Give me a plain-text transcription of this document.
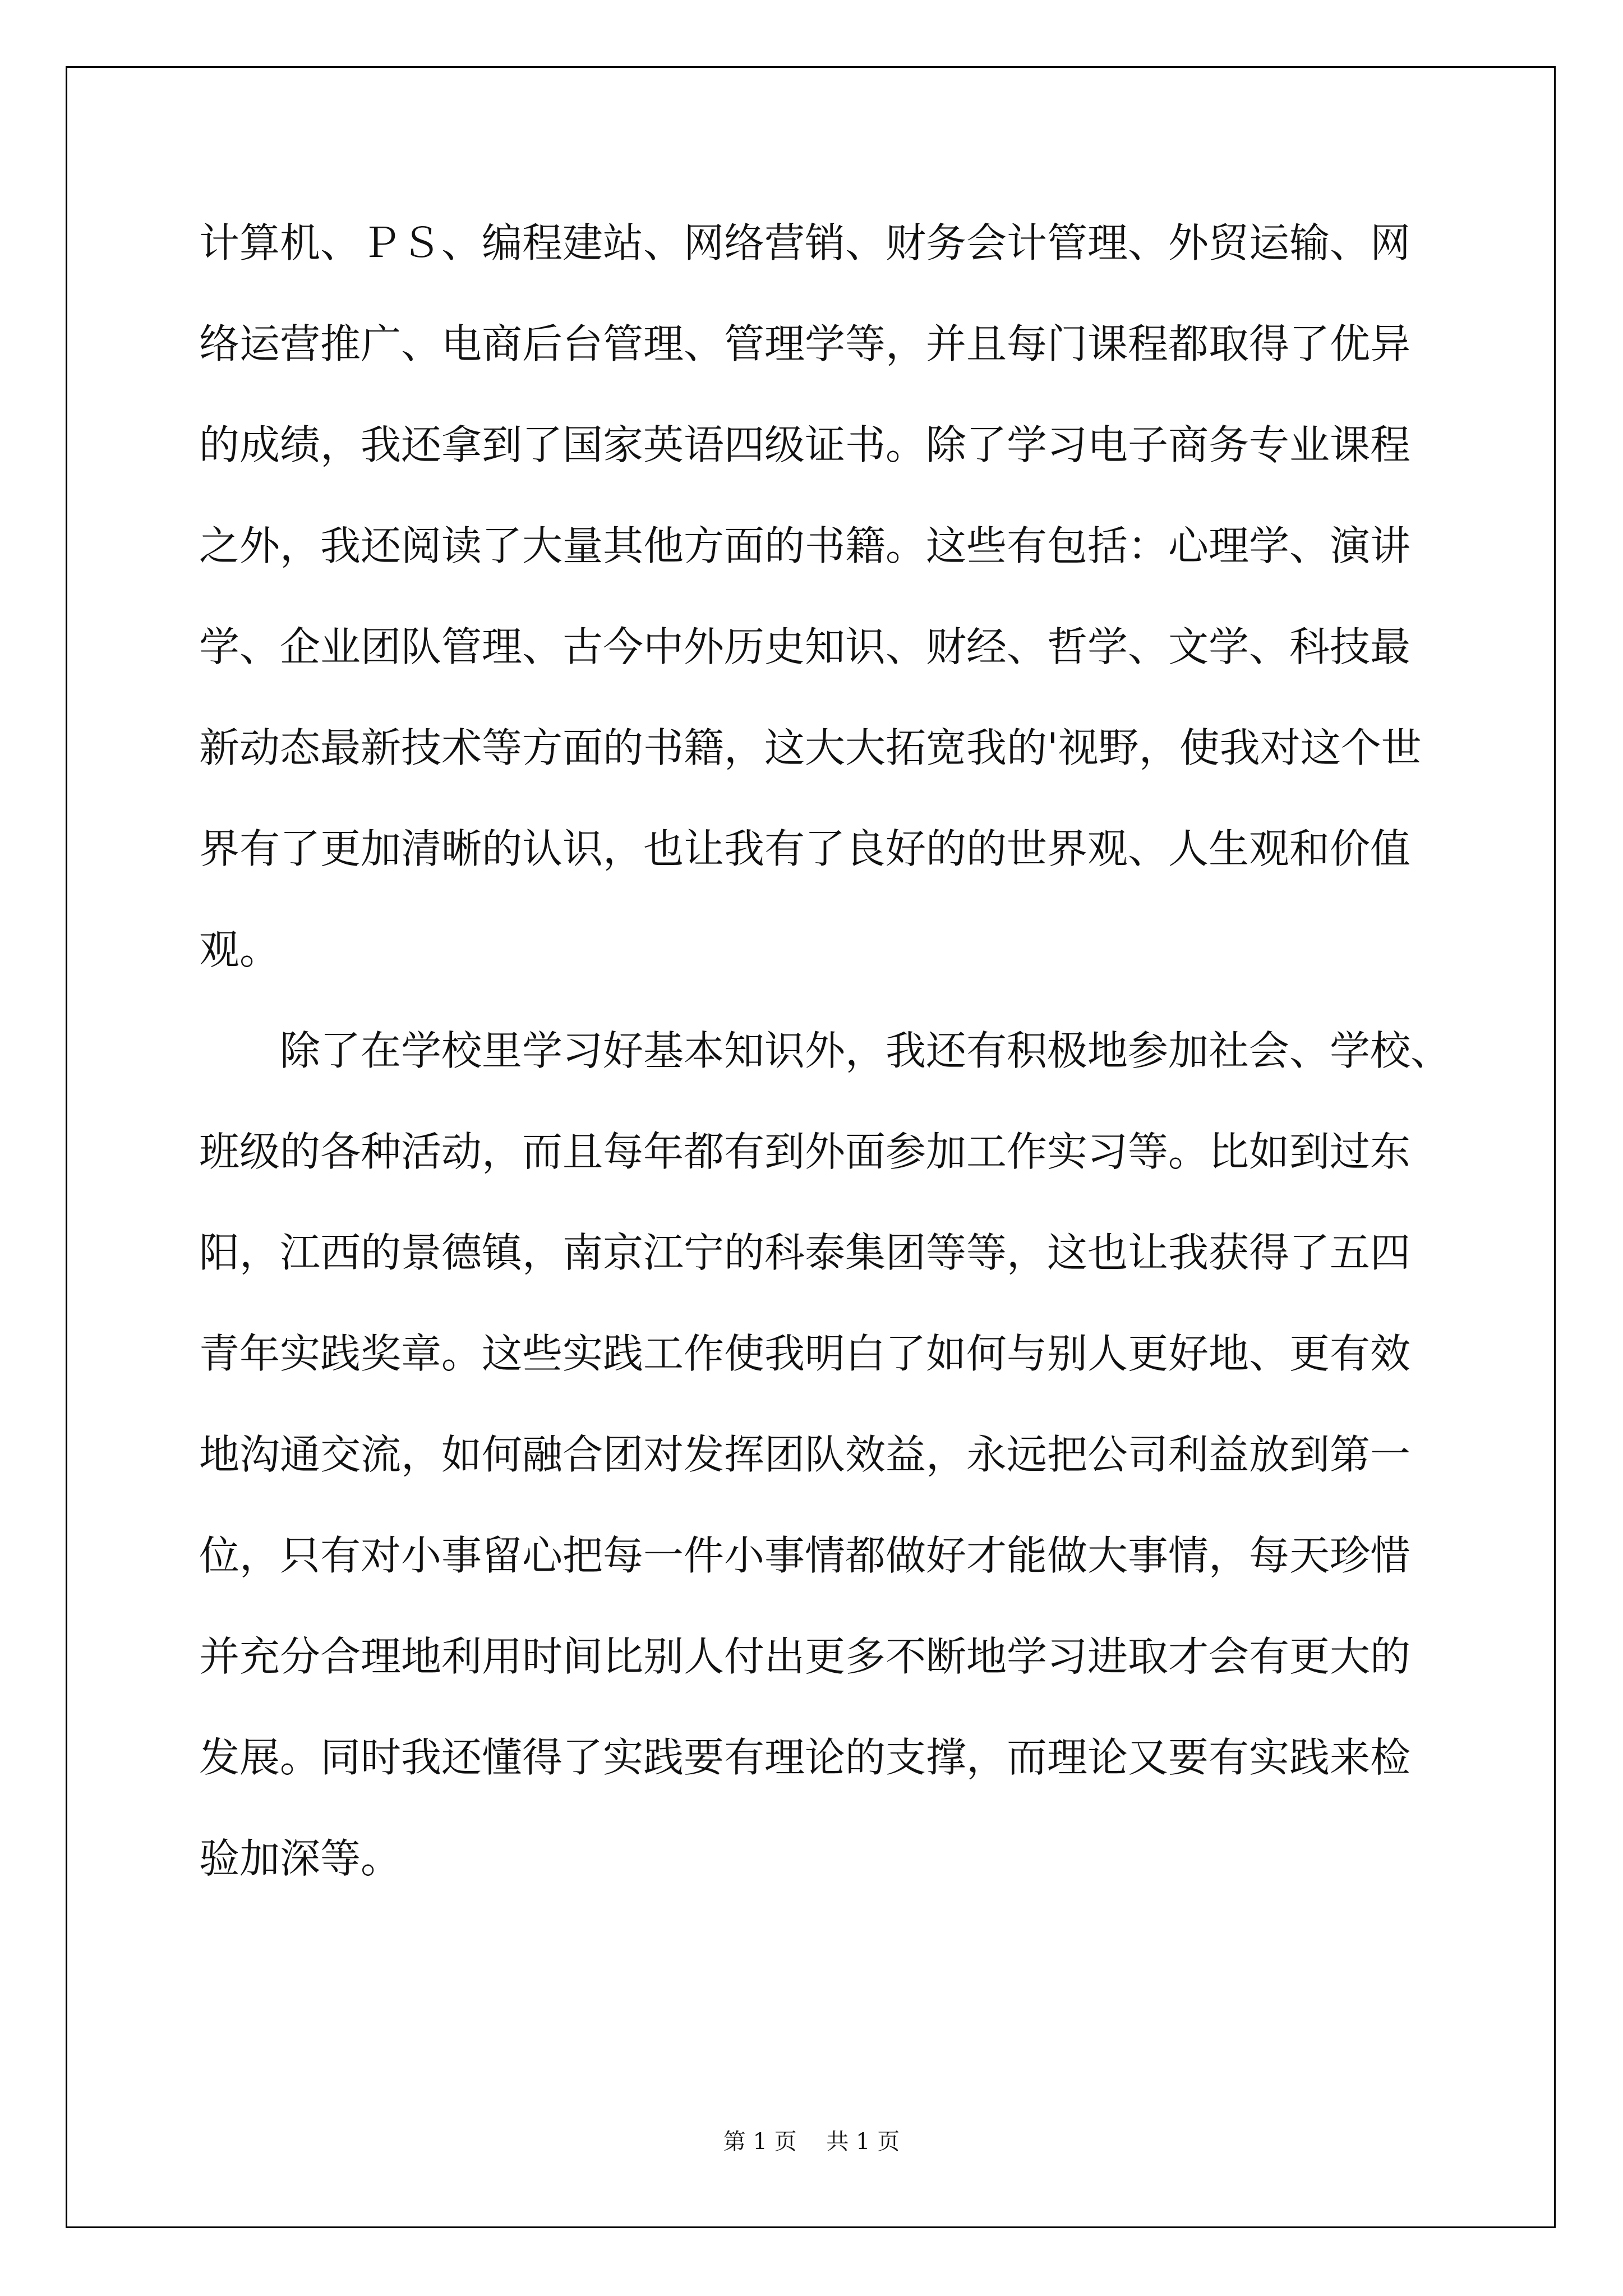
计算机、ＰＳ、编程建站、网络营销、财务会计管理、外贸运输、网
络运营推广、电商后台管理、管理学等，并且每门课程都取得了优异
的成绩，我还拿到了国家英语四级证书。除了学习电子商务专业课程
之外，我还阅读了大量其他方面的书籍。这些有包括：心理学、演讲
学、企业团队管理、古今中外历史知识、财经、哲学、文学、科技最
新动态最新技术等方面的书籍，这大大拓宽我的'视野，使我对这个世
界有了更加清晰的认识，也让我有了良好的的世界观、人生观和价值
观。
　　除了在学校里学习好基本知识外，我还有积极地参加社会、学校、
班级的各种活动，而且每年都有到外面参加工作实习等。比如到过东
阳，江西的景德镇，南京江宁的科泰集团等等，这也让我获得了五四
青年实践奖章。这些实践工作使我明白了如何与别人更好地、更有效
地沟通交流，如何融合团对发挥团队效益，永远把公司利益放到第一
位，只有对小事留心把每一件小事情都做好才能做大事情，每天珍惜
并充分合理地利用时间比别人付出更多不断地学习进取才会有更大的
发展。同时我还懂得了实践要有理论的支撑，而理论又要有实践来检
验加深等。
第 1 页　 共 1 页
